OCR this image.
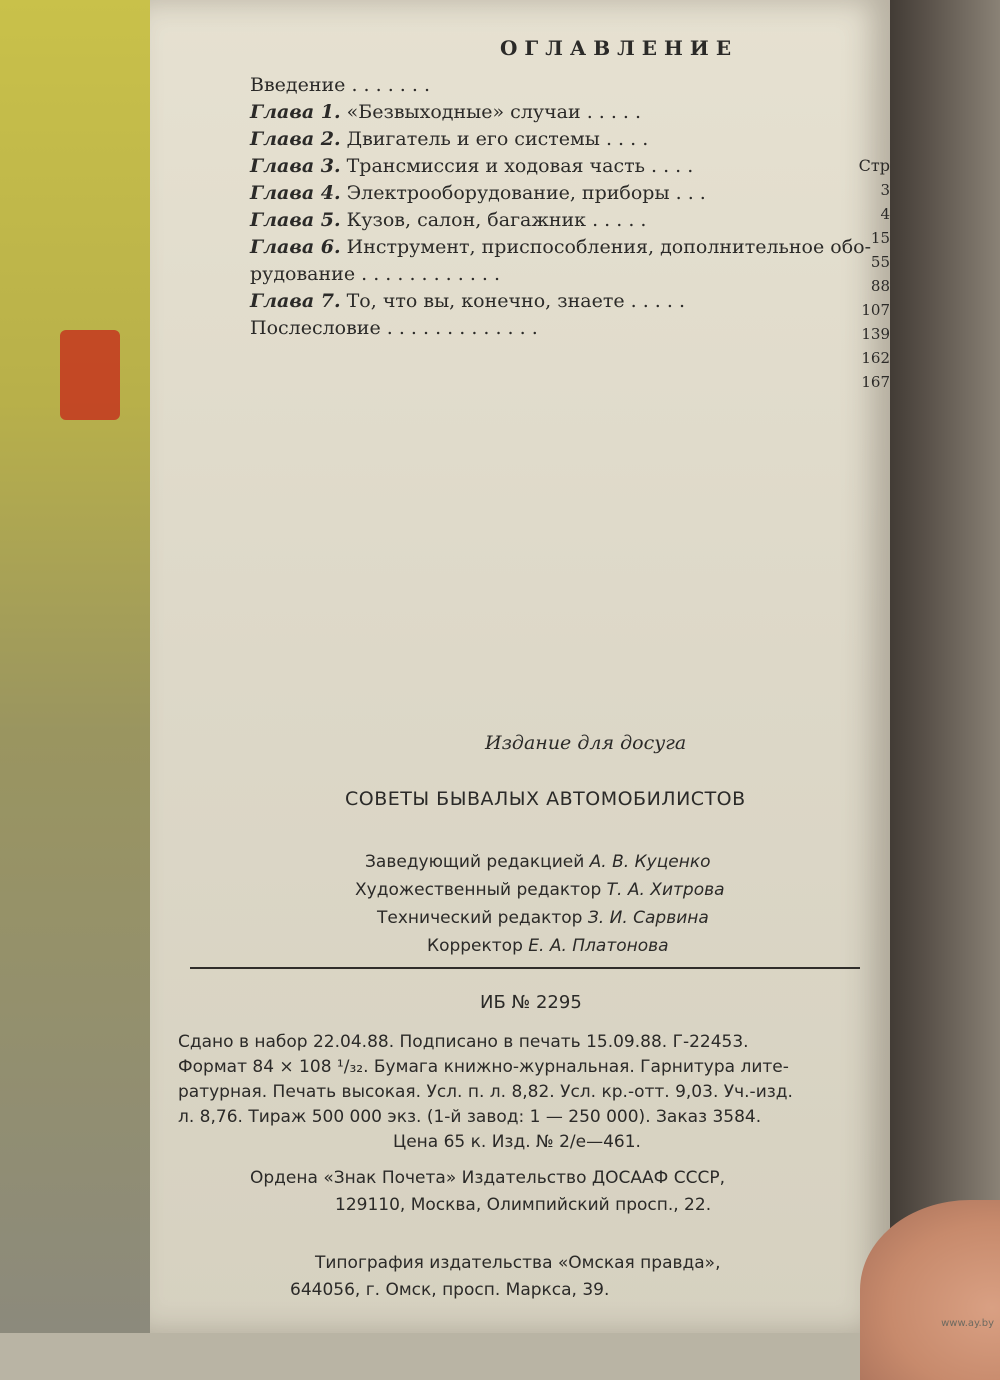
ОГЛАВЛЕНИЕ
Введение . . . . . . .
Глава 1. «Безвыходные» случаи . . . . .
Глава 2. Двигатель и его системы . . . .
Глава 3. Трансмиссия и ходовая часть . . . .
Глава 4. Электрооборудование, приборы . . .
Глава 5. Кузов, салон, багажник . . . . .
Глава 6. Инструмент, приспособления, дополнительное обо-
рудование . . . . . . . . . . . .
Глава 7. То, что вы, конечно, знаете . . . . .
Послесловие . . . . . . . . . . . . .
Стр
3
4
15
55
88
107
139
162
167
Издание для досуга
СОВЕТЫ БЫВАЛЫХ АВТОМОБИЛИСТОВ
Заведующий редакцией А. В. Куценко
Художественный редактор Т. А. Хитрова
Технический редактор З. И. Сарвина
Корректор Е. А. Платонова
ИБ № 2295
Сдано в набор 22.04.88. Подписано в печать 15.09.88. Г-22453.
Формат 84 × 108 ¹/₃₂. Бумага книжно-журнальная. Гарнитура лите-
ратурная. Печать высокая. Усл. п. л. 8,82. Усл. кр.-отт. 9,03. Уч.-изд.
л. 8,76. Тираж 500 000 экз. (1-й завод: 1 — 250 000). Заказ 3584.
Цена 65 к. Изд. № 2/е—461.
Ордена «Знак Почета» Издательство ДОСААФ СССР,
129110, Москва, Олимпийский просп., 22.
Типография издательства «Омская правда»,
644056, г. Омск, просп. Маркса, 39.
www.ay.by
